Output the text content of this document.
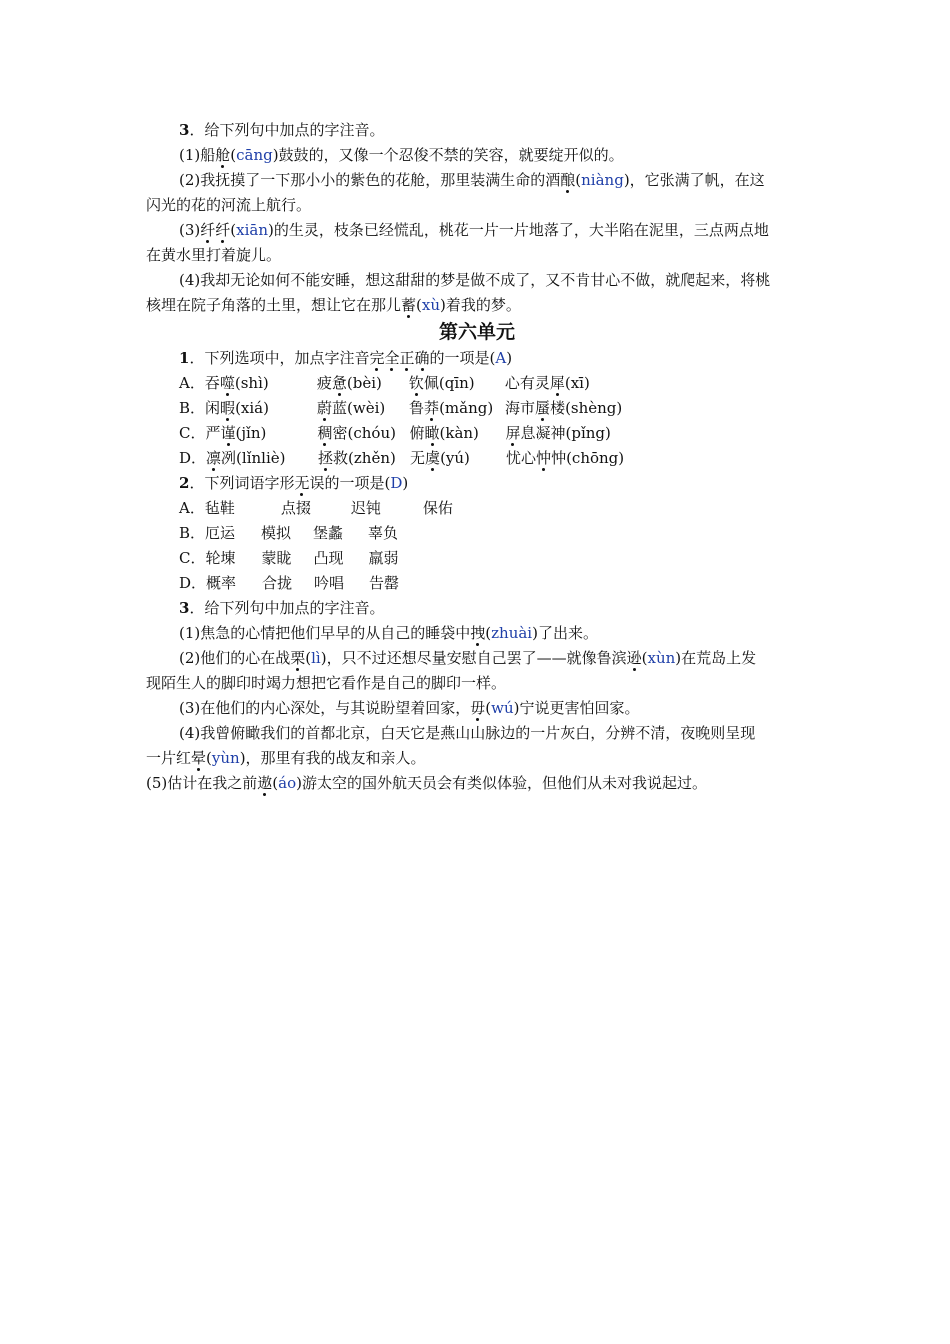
3．给下列句中加点的字注音。
(1)船舱(cāng)鼓鼓的，又像一个忍俊不禁的笑容，就要绽开似的。
(2)我抚摸了一下那小小的紫色的花舱，那里装满生命的酒酿(niàng)，它张满了帆，在这
闪光的花的河流上航行。
(3)纤纤(xiān)的生灵，枝条已经慌乱，桃花一片一片地落了，大半陷在泥里，三点两点地
在黄水里打着旋儿。
(4)我却无论如何不能安睡，想这甜甜的梦是做不成了，又不肯甘心不做，就爬起来，将桃
核埋在院子角落的土里，想让它在那儿蓄(xù)着我的梦。
第六单元
1．下列选项中，加点字注音完全正确的一项是(A)
A．吞噬(shì)	疲惫(bèi) 钦佩(qīn) 心有灵犀(xī)
B．闲暇(xiá)	蔚蓝(wèi) 鲁莽(mǎng) 海市蜃楼(shèng)
C．严谨(jǐn)	稠密(chóu) 俯瞰(kàn) 屏息凝神(pǐng)
D．凛冽(lǐnliè) 拯救(zhěn) 无虞(yú) 忧心忡忡(chōng)
2．下列词语字形无误的一项是(D)
A．毡鞋	点掇	迟钝	保佑
B．厄运 模拟 堡蠡 辜负
C．轮埬 蒙眬 凸现 羸弱
D．概率 合拢 吟唱 告罄
3．给下列句中加点的字注音。
(1)焦急的心情把他们早早的从自己的睡袋中拽(zhuài)了出来。
(2)他们的心在战栗(lì)，只不过还想尽量安慰自己罢了——就像鲁滨逊(xùn)在荒岛上发
现陌生人的脚印时竭力想把它看作是自己的脚印一样。
(3)在他们的内心深处，与其说盼望着回家，毋(wú)宁说更害怕回家。
(4)我曾俯瞰我们的首都北京，白天它是燕山山脉边的一片灰白，分辨不清，夜晚则呈现
一片红晕(yùn)，那里有我的战友和亲人。
(5)估计在我之前遨(áo)游太空的国外航天员会有类似体验，但他们从未对我说起过。
